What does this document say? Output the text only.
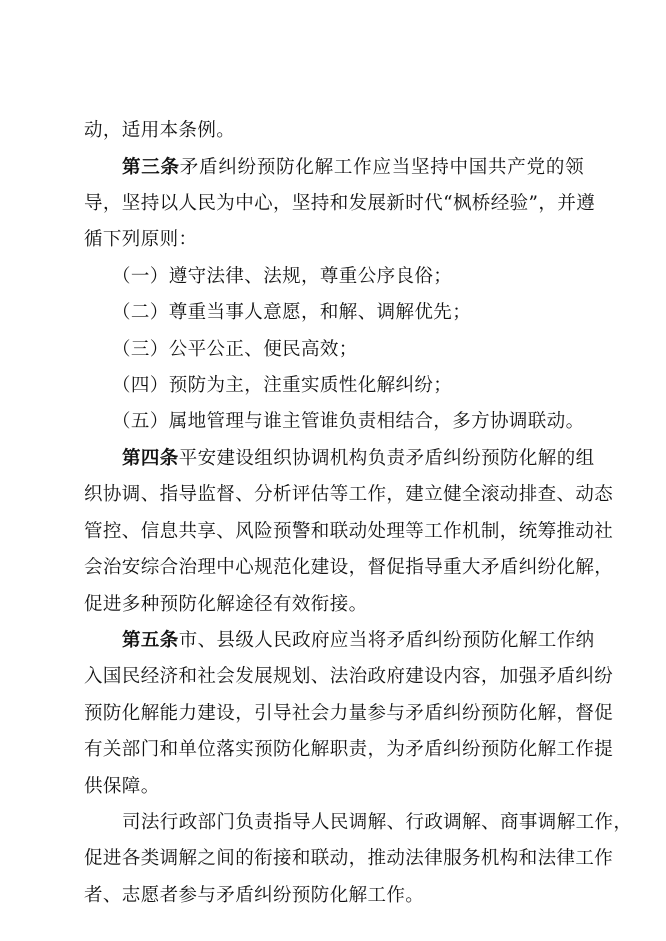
动，适用本条例。
第三条矛盾纠纷预防化解工作应当坚持中国共产党的领
导，坚持以人民为中心，坚持和发展新时代“枫桥经验”，并遵
循下列原则：
（一）遵守法律、法规，尊重公序良俗；
（二）尊重当事人意愿，和解、调解优先；
（三）公平公正、便民高效；
（四）预防为主，注重实质性化解纠纷；
（五）属地管理与谁主管谁负责相结合，多方协调联动。
第四条平安建设组织协调机构负责矛盾纠纷预防化解的组
织协调、指导监督、分析评估等工作，建立健全滚动排查、动态
管控、信息共享、风险预警和联动处理等工作机制，统筹推动社
会治安综合治理中心规范化建设，督促指导重大矛盾纠纷化解，
促进多种预防化解途径有效衔接。
第五条市、县级人民政府应当将矛盾纠纷预防化解工作纳
入国民经济和社会发展规划、法治政府建设内容，加强矛盾纠纷
预防化解能力建设，引导社会力量参与矛盾纠纷预防化解，督促
有关部门和单位落实预防化解职责，为矛盾纠纷预防化解工作提
供保障。
司法行政部门负责指导人民调解、行政调解、商事调解工作，
促进各类调解之间的衔接和联动，推动法律服务机构和法律工作
者、志愿者参与矛盾纠纷预防化解工作。
